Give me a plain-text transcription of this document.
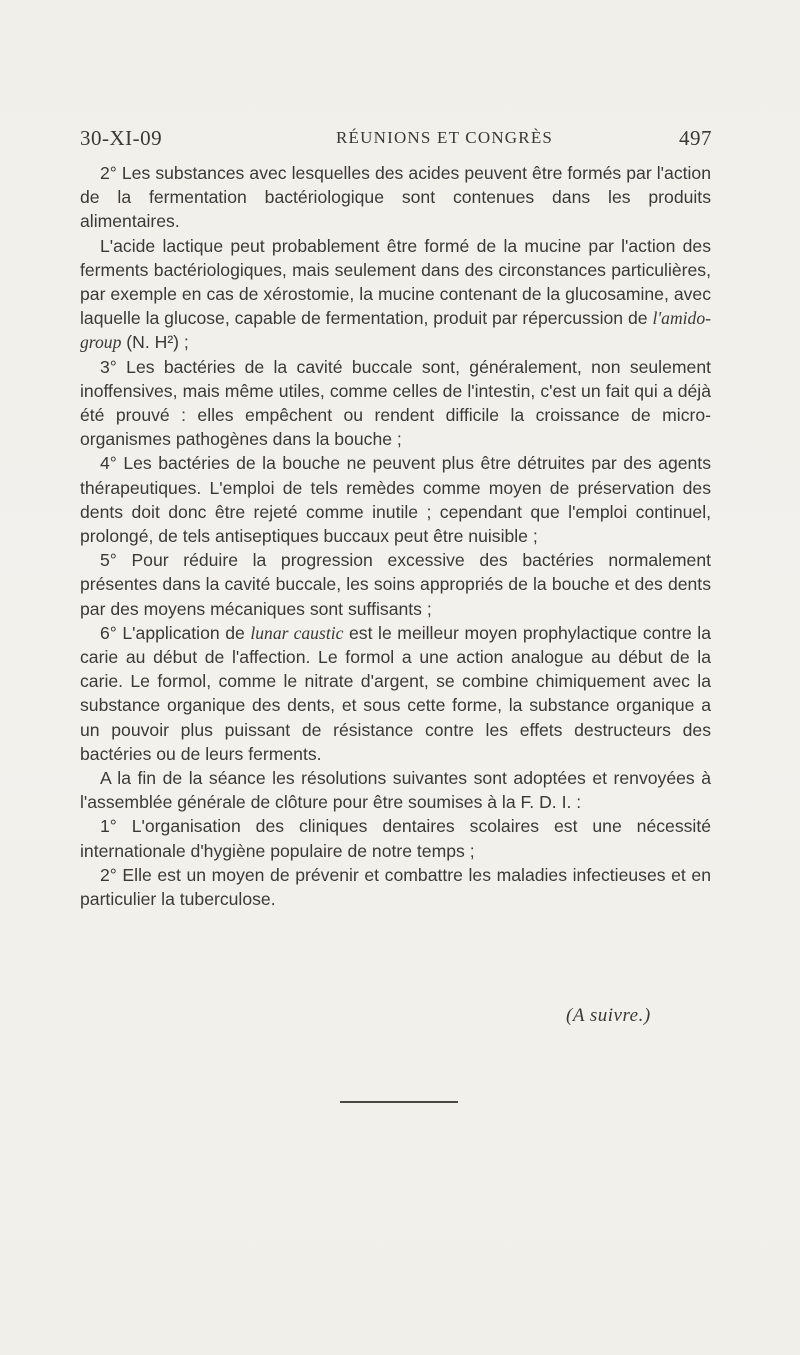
30-XI-09	RÉUNIONS ET CONGRÈS	497

2° Les substances avec lesquelles des acides peuvent être formés par l'action de la fermentation bactériologique sont contenues dans les produits alimentaires.

L'acide lactique peut probablement être formé de la mucine par l'action des ferments bactériologiques, mais seulement dans des circonstances particulières, par exemple en cas de xérostomie, la mucine contenant de la glucosamine, avec laquelle la glucose, capable de fermentation, produit par répercussion de l'amido-group (N. H²) ;

3° Les bactéries de la cavité buccale sont, généralement, non seulement inoffensives, mais même utiles, comme celles de l'intestin, c'est un fait qui a déjà été prouvé : elles empêchent ou rendent difficile la croissance de micro-organismes pathogènes dans la bouche ;

4° Les bactéries de la bouche ne peuvent plus être détruites par des agents thérapeutiques. L'emploi de tels remèdes comme moyen de préservation des dents doit donc être rejeté comme inutile ; cependant que l'emploi continuel, prolongé, de tels antiseptiques buccaux peut être nuisible ;

5° Pour réduire la progression excessive des bactéries normalement présentes dans la cavité buccale, les soins appropriés de la bouche et des dents par des moyens mécaniques sont suffisants ;

6° L'application de lunar caustic est le meilleur moyen prophylactique contre la carie au début de l'affection. Le formol a une action analogue au début de la carie. Le formol, comme le nitrate d'argent, se combine chimiquement avec la substance organique des dents, et sous cette forme, la substance organique a un pouvoir plus puissant de résistance contre les effets destructeurs des bactéries ou de leurs ferments.

A la fin de la séance les résolutions suivantes sont adoptées et renvoyées à l'assemblée générale de clôture pour être soumises à la F. D. I. :

1° L'organisation des cliniques dentaires scolaires est une nécessité internationale d'hygiène populaire de notre temps ;

2° Elle est un moyen de prévenir et combattre les maladies infectieuses et en particulier la tuberculose.

(A suivre.)
